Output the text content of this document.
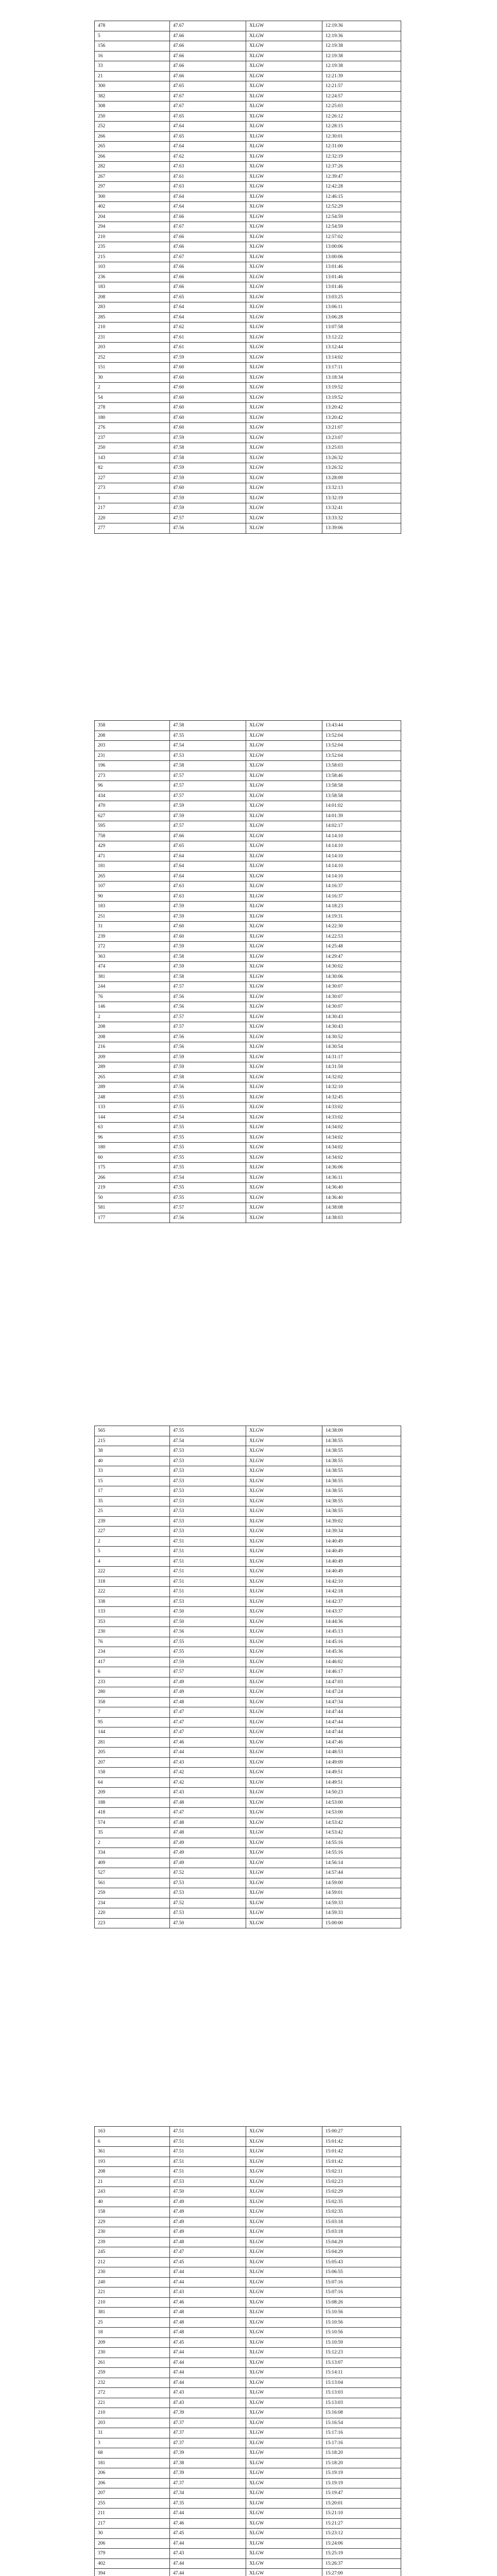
478	47.67	XLGW	12:19:36
5	47.66	XLGW	12:19:36
156	47.66	XLGW	12:19:38
16	47.66	XLGW	12:19:38
33	47.66	XLGW	12:19:38
21	47.66	XLGW	12:21:39
300	47.65	XLGW	12:21:57
382	47.67	XLGW	12:24:57
308	47.67	XLGW	12:25:03
250	47.65	XLGW	12:26:12
252	47.64	XLGW	12:28:15
266	47.65	XLGW	12:30:01
265	47.64	XLGW	12:31:00
266	47.62	XLGW	12:32:19
282	47.63	XLGW	12:37:26
267	47.61	XLGW	12:39:47
297	47.63	XLGW	12:42:28
300	47.64	XLGW	12:46:15
402	47.64	XLGW	12:52:29
204	47.66	XLGW	12:54:59
294	47.67	XLGW	12:54:59
210	47.66	XLGW	12:57:02
235	47.66	XLGW	13:00:06
215	47.67	XLGW	13:00:06
103	47.66	XLGW	13:01:46
236	47.66	XLGW	13:01:46
183	47.66	XLGW	13:01:46
208	47.65	XLGW	13:03:25
283	47.64	XLGW	13:06:11
285	47.64	XLGW	13:06:28
210	47.62	XLGW	13:07:58
231	47.61	XLGW	13:12:22
203	47.61	XLGW	13:12:44
252	47.59	XLGW	13:14:02
151	47.60	XLGW	13:17:11
30	47.60	XLGW	13:18:34
2	47.60	XLGW	13:19:52
54	47.60	XLGW	13:19:52
278	47.60	XLGW	13:20:42
180	47.60	XLGW	13:20:42
276	47.60	XLGW	13:21:07
237	47.59	XLGW	13:23:07
250	47.58	XLGW	13:25:03
143	47.58	XLGW	13:26:32
82	47.59	XLGW	13:26:32
227	47.59	XLGW	13:28:09
273	47.60	XLGW	13:32:13
1	47.59	XLGW	13:32:19
217	47.59	XLGW	13:32:41
220	47.57	XLGW	13:33:32
277	47.56	XLGW	13:39:06
358	47.58	XLGW	13:43:44
208	47.55	XLGW	13:52:04
203	47.54	XLGW	13:52:04
231	47.53	XLGW	13:52:04
196	47.58	XLGW	13:58:03
273	47.57	XLGW	13:58:46
96	47.57	XLGW	13:58:58
434	47.57	XLGW	13:58:58
470	47.59	XLGW	14:01:02
627	47.59	XLGW	14:01:39
595	47.57	XLGW	14:02:17
758	47.66	XLGW	14:14:10
429	47.65	XLGW	14:14:10
471	47.64	XLGW	14:14:10
181	47.64	XLGW	14:14:10
265	47.64	XLGW	14:14:10
107	47.63	XLGW	14:16:37
90	47.63	XLGW	14:16:37
183	47.59	XLGW	14:18:23
251	47.59	XLGW	14:19:31
31	47.60	XLGW	14:22:30
239	47.60	XLGW	14:22:53
272	47.59	XLGW	14:25:48
363	47.58	XLGW	14:29:47
474	47.59	XLGW	14:30:02
381	47.58	XLGW	14:30:06
244	47.57	XLGW	14:30:07
76	47.56	XLGW	14:30:07
146	47.56	XLGW	14:30:07
2	47.57	XLGW	14:30:43
208	47.57	XLGW	14:30:43
208	47.56	XLGW	14:30:52
216	47.56	XLGW	14:30:54
209	47.59	XLGW	14:31:17
289	47.59	XLGW	14:31:59
265	47.58	XLGW	14:32:02
289	47.56	XLGW	14:32:10
248	47.55	XLGW	14:32:45
133	47.55	XLGW	14:33:02
144	47.54	XLGW	14:33:02
63	47.55	XLGW	14:34:02
96	47.55	XLGW	14:34:02
180	47.55	XLGW	14:34:02
60	47.55	XLGW	14:34:02
175	47.55	XLGW	14:36:06
266	47.54	XLGW	14:36:11
219	47.55	XLGW	14:36:40
50	47.55	XLGW	14:36:40
581	47.57	XLGW	14:38:08
177	47.56	XLGW	14:38:03
565	47.55	XLGW	14:38:09
215	47.54	XLGW	14:38:55
38	47.53	XLGW	14:38:55
40	47.53	XLGW	14:38:55
33	47.53	XLGW	14:38:55
15	47.53	XLGW	14:38:55
17	47.53	XLGW	14:38:55
35	47.53	XLGW	14:38:55
25	47.53	XLGW	14:38:55
239	47.53	XLGW	14:39:02
227	47.53	XLGW	14:39:34
2	47.51	XLGW	14:40:49
5	47.51	XLGW	14:40:49
4	47.51	XLGW	14:40:49
222	47.51	XLGW	14:40:49
318	47.51	XLGW	14:42:10
222	47.51	XLGW	14:42:18
338	47.53	XLGW	14:42:37
133	47.50	XLGW	14:43:37
353	47.50	XLGW	14:44:36
230	47.56	XLGW	14:45:13
76	47.55	XLGW	14:45:16
234	47.55	XLGW	14:45:36
417	47.59	XLGW	14:46:02
6	47.57	XLGW	14:46:17
233	47.49	XLGW	14:47:03
280	47.49	XLGW	14:47:24
358	47.48	XLGW	14:47:34
7	47.47	XLGW	14:47:44
95	47.47	XLGW	14:47:44
144	47.47	XLGW	14:47:44
281	47.46	XLGW	14:47:46
205	47.44	XLGW	14:48:53
207	47.43	XLGW	14:49:09
158	47.42	XLGW	14:49:51
64	47.42	XLGW	14:49:51
209	47.43	XLGW	14:50:23
188	47.48	XLGW	14:53:00
418	47.47	XLGW	14:53:00
574	47.48	XLGW	14:53:42
35	47.48	XLGW	14:53:42
2	47.49	XLGW	14:55:16
334	47.49	XLGW	14:55:16
409	47.49	XLGW	14:56:14
527	47.52	XLGW	14:57:44
561	47.53	XLGW	14:59:00
259	47.53	XLGW	14:59:01
234	47.52	XLGW	14:59:33
220	47.53	XLGW	14:59:33
223	47.50	XLGW	15:00:00
163	47.51	XLGW	15:00:27
6	47.51	XLGW	15:01:42
361	47.51	XLGW	15:01:42
193	47.51	XLGW	15:01:42
208	47.51	XLGW	15:02:11
21	47.53	XLGW	15:02:23
243	47.50	XLGW	15:02:29
40	47.49	XLGW	15:02:35
158	47.49	XLGW	15:02:35
229	47.49	XLGW	15:03:18
230	47.49	XLGW	15:03:18
239	47.48	XLGW	15:04:29
245	47.47	XLGW	15:04:29
212	47.45	XLGW	15:05:43
230	47.44	XLGW	15:06:55
240	47.44	XLGW	15:07:16
221	47.43	XLGW	15:07:16
210	47.46	XLGW	15:08:26
381	47.48	XLGW	15:10:56
25	47.48	XLGW	15:10:56
18	47.48	XLGW	15:10:56
209	47.45	XLGW	15:10:59
230	47.44	XLGW	15:12:23
261	47.44	XLGW	15:13:07
259	47.44	XLGW	15:14:11
232	47.44	XLGW	15:13:04
272	47.43	XLGW	15:13:03
221	47.43	XLGW	15:13:03
210	47.39	XLGW	15:16:08
203	47.37	XLGW	15:16:54
31	47.37	XLGW	15:17:16
3	47.37	XLGW	15:17:16
68	47.39	XLGW	15:18:20
181	47.38	XLGW	15:18:20
206	47.39	XLGW	15:19:19
206	47.37	XLGW	15:19:19
207	47.34	XLGW	15:19:47
255	47.35	XLGW	15:20:01
211	47.44	XLGW	15:21:10
217	47.46	XLGW	15:21:27
30	47.45	XLGW	15:23:12
206	47.44	XLGW	15:24:06
379	47.43	XLGW	15:25:19
402	47.44	XLGW	15:26:37
394	47.44	XLGW	15:27:00
